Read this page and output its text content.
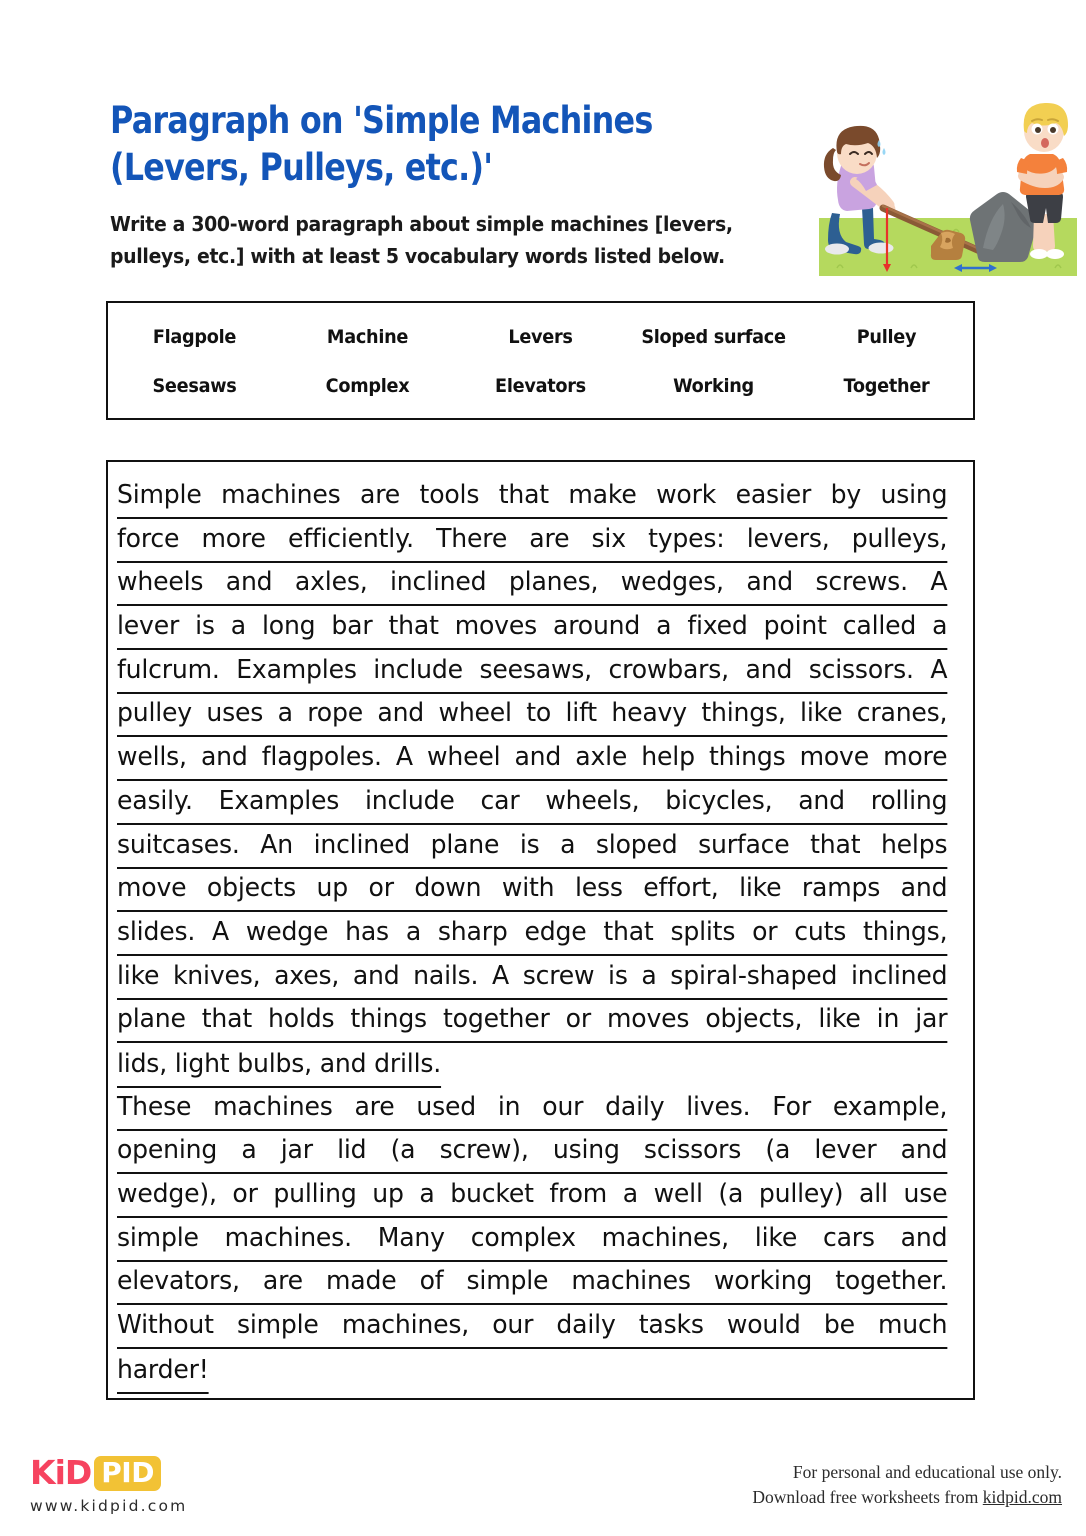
Paragraph on 'Simple Machines (Levers, Pulleys, etc.)'
Write a 300-word paragraph about simple machines [levers, pulleys, etc.] with at least 5 vocabulary words listed below.
Flagpole	Machine	Levers	Sloped surface	Pulley
Seesaws	Complex	Elevators	Working	Together
Simple machines are tools that make work easier by using
force more efficiently. There are six types: levers, pulleys,
wheels and axles, inclined planes, wedges, and screws. A
lever is a long bar that moves around a fixed point called a
fulcrum. Examples include seesaws, crowbars, and scissors. A
pulley uses a rope and wheel to lift heavy things, like cranes,
wells, and flagpoles. A wheel and axle help things move more
easily. Examples include car wheels, bicycles, and rolling
suitcases. An inclined plane is a sloped surface that helps
move objects up or down with less effort, like ramps and
slides. A wedge has a sharp edge that splits or cuts things,
like knives, axes, and nails. A screw is a spiral-shaped inclined
plane that holds things together or moves objects, like in jar
lids, light bulbs, and drills.
These machines are used in our daily lives. For example,
opening a jar lid (a screw), using scissors (a lever and
wedge), or pulling up a bucket from a well (a pulley) all use
simple machines. Many complex machines, like cars and
elevators, are made of simple machines working together.
Without simple machines, our daily tasks would be much
harder!
KiD PID
www.kidpid.com
For personal and educational use only.
Download free worksheets from kidpid.com
